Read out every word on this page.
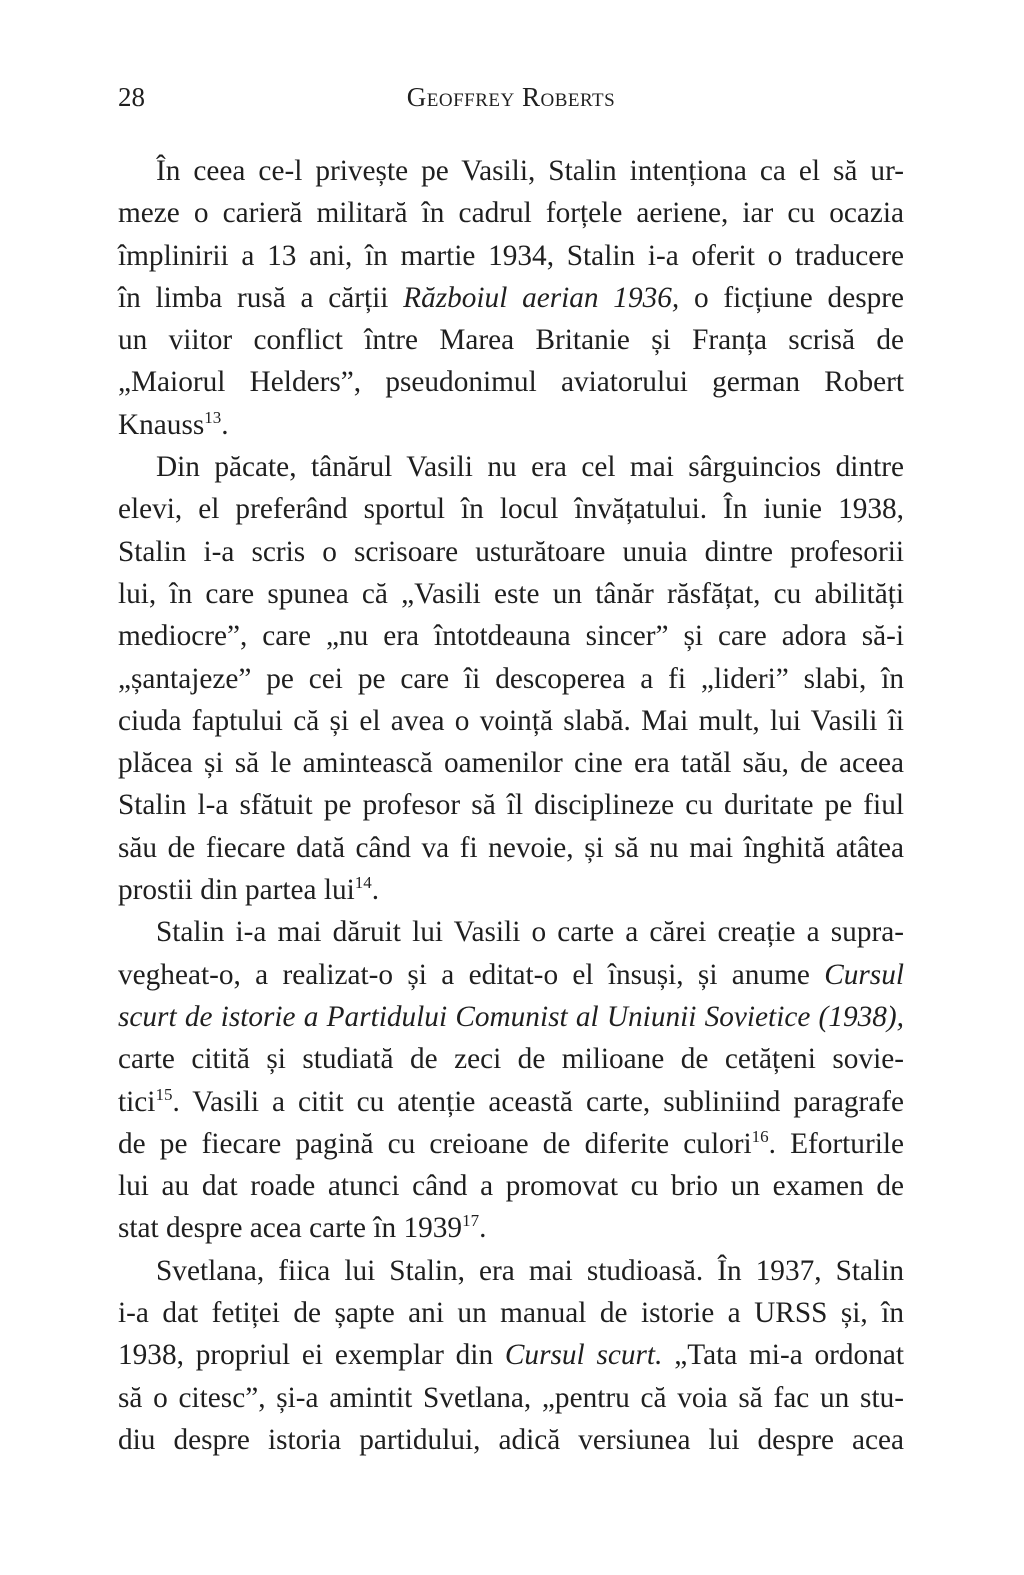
28	Geoffrey Roberts

În ceea ce-l privește pe Vasili, Stalin intenționa ca el să ur-
meze o carieră militară în cadrul forțele aeriene, iar cu ocazia
împlinirii a 13 ani, în martie 1934, Stalin i-a oferit o traducere
în limba rusă a cărții Războiul aerian 1936, o ficțiune despre
un viitor conflict între Marea Britanie și Franța scrisă de
„Maiorul Helders”, pseudonimul aviatorului german Robert
Knauss$^{13}$.

Din păcate, tânărul Vasili nu era cel mai sârguincios dintre
elevi, el preferând sportul în locul învățatului. În iunie 1938,
Stalin i-a scris o scrisoare usturătoare unuia dintre profesorii
lui, în care spunea că „Vasili este un tânăr răsfățat, cu abilități
mediocre”, care „nu era întotdeauna sincer” și care adora să-i
„șantajeze” pe cei pe care îi descoperea a fi „lideri” slabi, în
ciuda faptului că și el avea o voință slabă. Mai mult, lui Vasili îi
plăcea și să le amintească oamenilor cine era tatăl său, de aceea
Stalin l-a sfătuit pe profesor să îl disciplineze cu duritate pe fiul
său de fiecare dată când va fi nevoie, și să nu mai înghită atâtea
prostii din partea lui$^{14}$.

Stalin i-a mai dăruit lui Vasili o carte a cărei creație a supra-
vegheat-o, a realizat-o și a editat-o el însuși, și anume Cursul
scurt de istorie a Partidului Comunist al Uniunii Sovietice (1938),
carte citită și studiată de zeci de milioane de cetățeni sovie-
tici$^{15}$. Vasili a citit cu atenție această carte, subliniind paragrafe
de pe fiecare pagină cu creioane de diferite culori$^{16}$. Eforturile
lui au dat roade atunci când a promovat cu brio un examen de
stat despre acea carte în 1939$^{17}$.

Svetlana, fiica lui Stalin, era mai studioasă. În 1937, Stalin
i-a dat fetiței de șapte ani un manual de istorie a URSS și, în
1938, propriul ei exemplar din Cursul scurt. „Tata mi-a ordonat
să o citesc”, și-a amintit Svetlana, „pentru că voia să fac un stu-
diu despre istoria partidului, adică versiunea lui despre acea
